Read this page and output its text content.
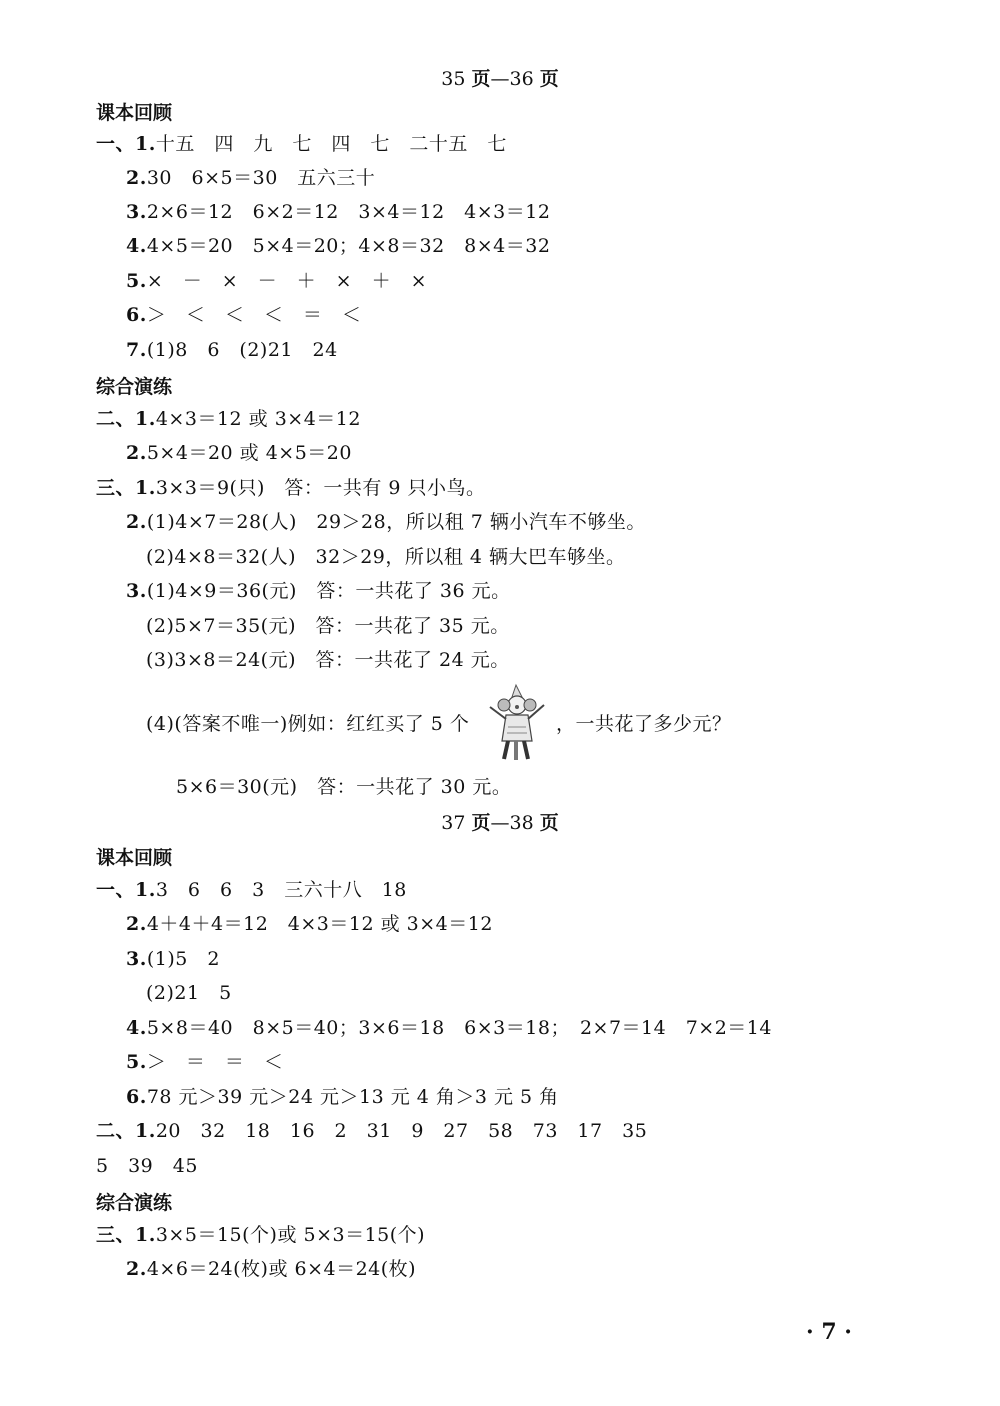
35 页—36 页
课本回顾
一、1.十五　四　九　七　四　七　二十五　七
2.30　6×5＝30　五六三十
3.2×6＝12　6×2＝12　3×4＝12　4×3＝12
4.4×5＝20　5×4＝20；4×8＝32　8×4＝32
5.×　－　×　－　＋　×　＋　×
6.＞　＜　＜　＜　＝　＜
7.(1)8　6　(2)21　24
综合演练
二、1.4×3＝12 或 3×4＝12
2.5×4＝20 或 4×5＝20
三、1.3×3＝9(只)　答：一共有 9 只小鸟。
2.(1)4×7＝28(人)　29＞28，所以租 7 辆小汽车不够坐。
(2)4×8＝32(人)　32＞29，所以租 4 辆大巴车够坐。
3.(1)4×9＝36(元)　答：一共花了 36 元。
(2)5×7＝35(元)　答：一共花了 35 元。
(3)3×8＝24(元)　答：一共花了 24 元。
(4)(答案不唯一)例如：红红买了 5 个	，一共花了多少元？
5×6＝30(元)　答：一共花了 30 元。
37 页—38 页
课本回顾
一、1.3　6　6　3　三六十八　18
2.4＋4＋4＝12　4×3＝12 或 3×4＝12
3.(1)5　2
(2)21　5
4.5×8＝40　8×5＝40；3×6＝18　6×3＝18；　2×7＝14　7×2＝14
5.＞　＝　＝　＜
6.78 元＞39 元＞24 元＞13 元 4 角＞3 元 5 角
二、1.20　32　18　16　2　31　9　27　58　73　17　35
5　39　45
综合演练
三、1.3×5＝15(个)或 5×3＝15(个)
2.4×6＝24(枚)或 6×4＝24(枚)
· 7 ·
